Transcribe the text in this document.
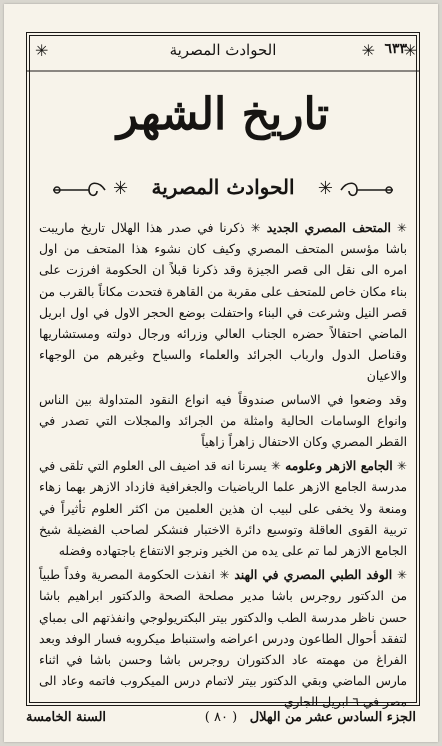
✳ ٦٣٣
✳
الحوادث المصرية
✳
تاريخ الشهر
✳
الحوادث المصرية
✳

✳ المتحف المصري الجديد ✳ ذكرنا في صدر هذا الهلال تاريخ ماريبت باشا مؤسس المتحف المصري وكيف كان نشوء هذا المتحف من اول امره الى نقل الى قصر الجيزة وقد ذكرنا قبلاً ان الحكومة افرزت على بناء مكان خاص للمتحف على مقربة من القاهرة فتحدت مكاناً بالقرب من قصر النيل وشرعت في البناء واحتفلت بوضع الحجر الاول في اول ابريل الماضي احتفالاً حضره الجناب العالي وزرائه ورجال دولته ومستشاريها وقناصل الدول وارباب الجرائد والعلماء والسياح وغيرهم من الوجهاء والاعيان

وقد وضعوا في الاساس صندوقاً فيه انواع النقود المتداولة بين الناس وانواع الوسامات الحالية وامثلة من الجرائد والمجلات التي تصدر في القطر المصري وكان الاحتفال زاهراً زاهياً

✳ الجامع الازهر وعلومه ✳ يسرنا انه قد اضيف الى العلوم التي تلقى في مدرسة الجامع الازهر علما الرياضيات والجغرافية فازداد الازهر بهما زهاء ومنعة ولا يخفى على لبيب ان هذين العلمين من اكثر العلوم تأثيراً في تربية القوى العاقلة وتوسيع دائرة الاختبار فنشكر لصاحب الفضيلة شيخ الجامع الازهر لما تم على يده من الخير ونرجو الانتفاع باجتهاده وفضله

✳ الوفد الطبي المصري في الهند ✳ انفذت الحكومة المصرية وفداً طبياً من الدكتور روجرس باشا مدير مصلحة الصحة والدكتور ابراهيم باشا حسن ناظر مدرسة الطب والدكتور بيتر البكتريولوجي وانفذتهم الى بمباي لتفقد أحوال الطاعون ودرس اعراضه واستنباط ميكروبه فسار الوفد وبعد الفراغ من مهمته عاد الدكتوران روجرس باشا وحسن باشا في اثناء مارس الماضي وبقي الدكتور بيتر لاتمام درس الميكروب فاتمه وعاد الى مصر في ٦ ابريل الجاري

الجزء السادس عشر من الهلال
( ٨٠ )
السنة الخامسة
